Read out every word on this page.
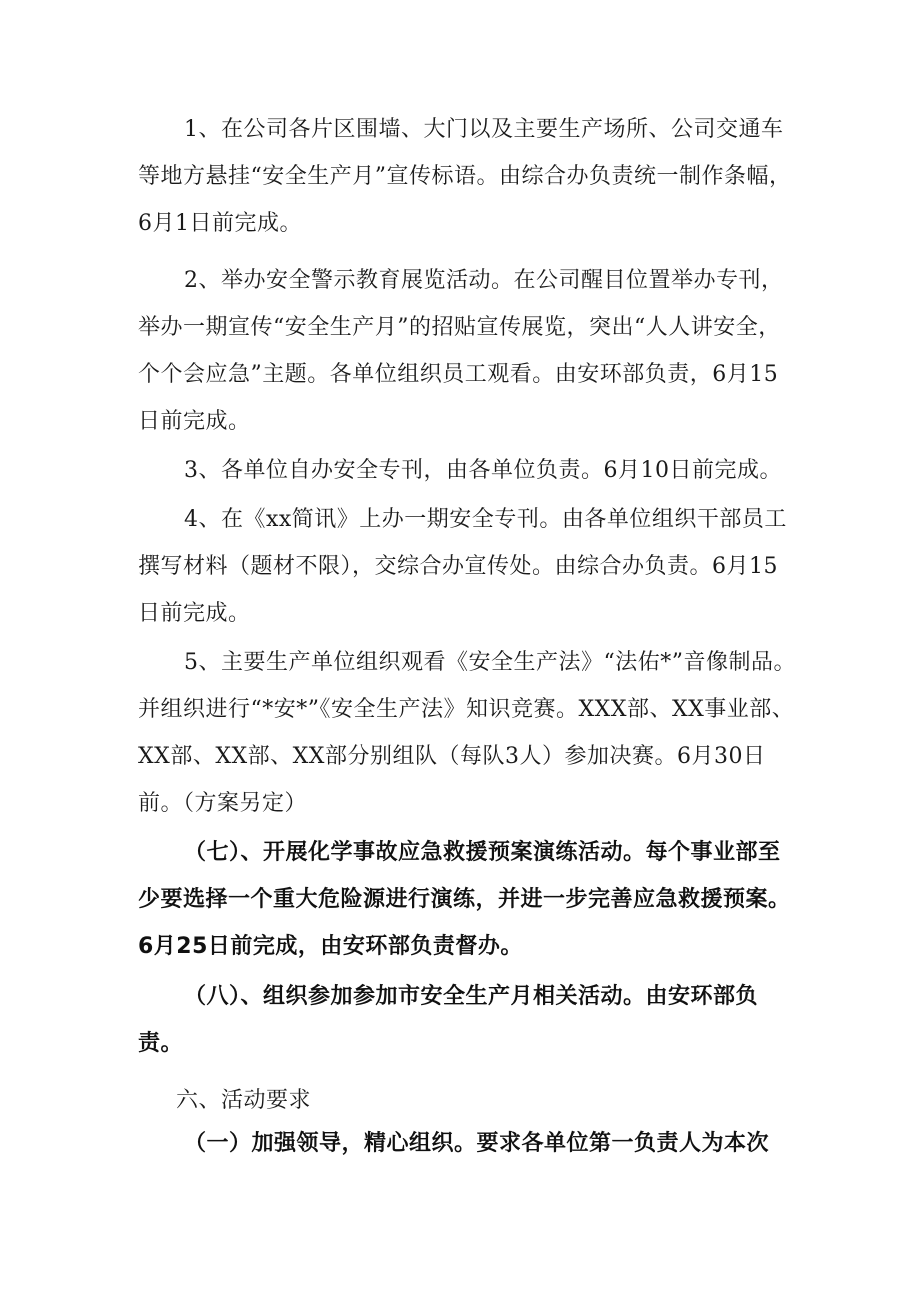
1、在公司各片区围墙、大门以及主要生产场所、公司交通车等地方悬挂“安全生产月”宣传标语。由综合办负责统一制作条幅，6月1日前完成。

2、举办安全警示教育展览活动。在公司醒目位置举办专刊，举办一期宣传“安全生产月”的招贴宣传展览，突出“人人讲安全，个个会应急”主题。各单位组织员工观看。由安环部负责，6月15日前完成。

3、各单位自办安全专刊，由各单位负责。6月10日前完成。

4、在《xx简讯》上办一期安全专刊。由各单位组织干部员工撰写材料（题材不限），交综合办宣传处。由综合办负责。6月15日前完成。

5、主要生产单位组织观看《安全生产法》“法佑*”音像制品。并组织进行“*安*”《安全生产法》知识竞赛。XXX部、XX事业部、XX部、XX部、XX部分别组队（每队3人）参加决赛。6月30日前。（方案另定）

（七）、开展化学事故应急救援预案演练活动。每个事业部至少要选择一个重大危险源进行演练，并进一步完善应急救援预案。6月25日前完成，由安环部负责督办。

（八）、组织参加参加市安全生产月相关活动。由安环部负责。

六、活动要求

（一）加强领导，精心组织。要求各单位第一负责人为本次
